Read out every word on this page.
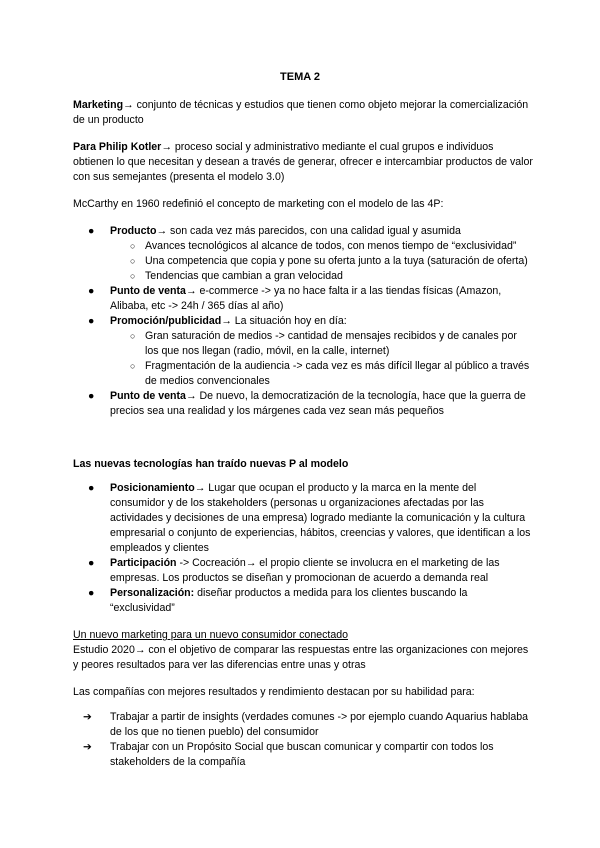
TEMA 2
Marketing→ conjunto de técnicas y estudios que tienen como objeto mejorar la comercialización de un producto
Para Philip Kotler→ proceso social y administrativo mediante el cual grupos e individuos obtienen lo que necesitan y desean a través de generar, ofrecer e intercambiar productos de valor con sus semejantes (presenta el modelo 3.0)
McCarthy en 1960 redefinió el concepto de marketing con el modelo de las 4P:
● Producto→ son cada vez más parecidos, con una calidad igual y asumida
○ Avances tecnológicos al alcance de todos, con menos tiempo de “exclusividad”
○ Una competencia que copia y pone su oferta junto a la tuya (saturación de oferta)
○ Tendencias que cambian a gran velocidad
● Punto de venta→ e-commerce -> ya no hace falta ir a las tiendas físicas (Amazon, Alibaba, etc -> 24h / 365 días al año)
● Promoción/publicidad→ La situación hoy en día:
○ Gran saturación de medios -> cantidad de mensajes recibidos y de canales por los que nos llegan (radio, móvil, en la calle, internet)
○ Fragmentación de la audiencia -> cada vez es más difícil llegar al público a través de medios convencionales
● Punto de venta→ De nuevo, la democratización de la tecnología, hace que la guerra de precios sea una realidad y los márgenes cada vez sean más pequeños
Las nuevas tecnologías han traído nuevas P al modelo
● Posicionamiento→ Lugar que ocupan el producto y la marca en la mente del consumidor y de los stakeholders (personas u organizaciones afectadas por las actividades y decisiones de una empresa) logrado mediante la comunicación y la cultura empresarial o conjunto de experiencias, hábitos, creencias y valores, que identifican a los empleados y clientes
● Participación -> Cocreación→ el propio cliente se involucra en el marketing de las empresas. Los productos se diseñan y promocionan de acuerdo a demanda real
● Personalización: diseñar productos a medida para los clientes buscando la “exclusividad”
Un nuevo marketing para un nuevo consumidor conectado
Estudio 2020→ con el objetivo de comparar las respuestas entre las organizaciones con mejores y peores resultados para ver las diferencias entre unas y otras
Las compañías con mejores resultados y rendimiento destacan por su habilidad para:
➔ Trabajar a partir de insights (verdades comunes -> por ejemplo cuando Aquarius hablaba de los que no tienen pueblo) del consumidor
➔ Trabajar con un Propósito Social que buscan comunicar y compartir con todos los stakeholders de la compañía
